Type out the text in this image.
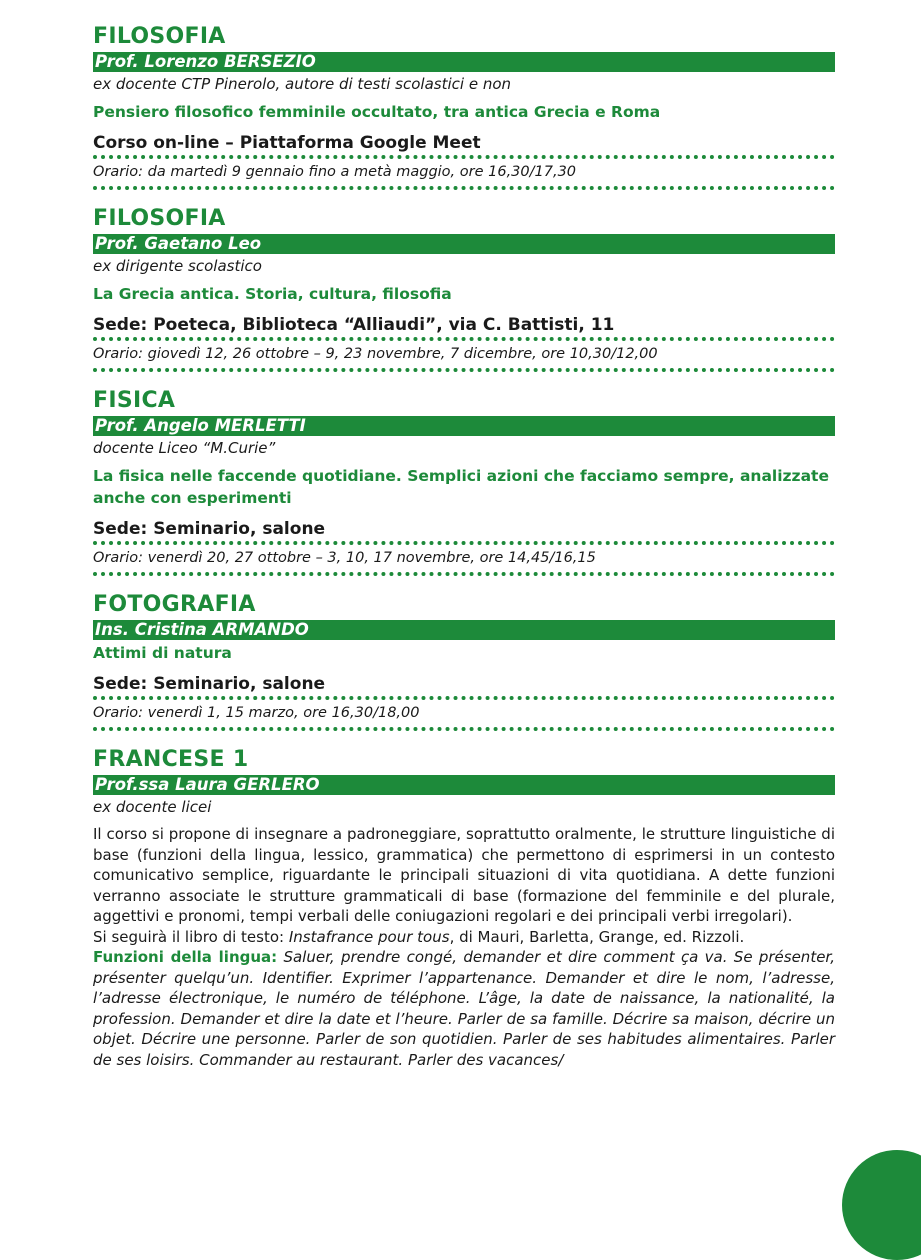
FILOSOFIA
Prof. Lorenzo BERSEZIO
ex docente CTP Pinerolo, autore di testi scolastici e non
Pensiero filosofico femminile occultato, tra antica Grecia e Roma
Corso on-line – Piattaforma Google Meet
Orario: da martedì 9 gennaio fino a metà maggio, ore 16,30/17,30
FILOSOFIA
Prof. Gaetano Leo
ex dirigente scolastico
La Grecia antica. Storia, cultura, filosofia
Sede: Poeteca, Biblioteca “Alliaudi”, via C. Battisti, 11
Orario: giovedì 12, 26 ottobre – 9, 23 novembre, 7 dicembre, ore 10,30/12,00
FISICA
Prof. Angelo MERLETTI
docente Liceo “M.Curie”
La fisica nelle faccende quotidiane. Semplici azioni che facciamo sempre, analizzate anche con esperimenti
Sede: Seminario, salone
Orario: venerdì 20, 27 ottobre – 3, 10, 17 novembre, ore 14,45/16,15
FOTOGRAFIA
Ins. Cristina ARMANDO
Attimi di natura
Sede: Seminario, salone
Orario: venerdì 1, 15 marzo, ore 16,30/18,00
FRANCESE 1
Prof.ssa Laura GERLERO
ex docente licei

Il corso si propone di insegnare a padroneggiare, soprattutto oralmente, le strutture linguistiche di base (funzioni della lingua, lessico, grammatica) che permettono di esprimersi in un contesto comunicativo semplice, riguardante le principali situazioni di vita quotidiana. A dette funzioni verranno associate le strutture grammaticali di base (formazione del femminile e del plurale, aggettivi e pronomi, tempi verbali delle coniugazioni regolari e dei principali verbi irregolari).

Si seguirà il libro di testo: Instafrance pour tous, di Mauri, Barletta, Grange, ed. Rizzoli.

Funzioni della lingua: Saluer, prendre congé, demander et dire comment ça va. Se présenter, présenter quelqu’un. Identifier. Exprimer l’appartenance. Demander et dire le nom, l’adresse, l’adresse électronique, le numéro de téléphone. L’âge, la date de naissance, la nationalité, la profession. Demander et dire la date et l’heure. Parler de sa famille. Décrire sa maison, décrire un objet. Décrire une personne. Parler de son quotidien. Parler de ses habitudes alimentaires. Parler de ses loisirs. Commander au restaurant. Parler des vacances/
